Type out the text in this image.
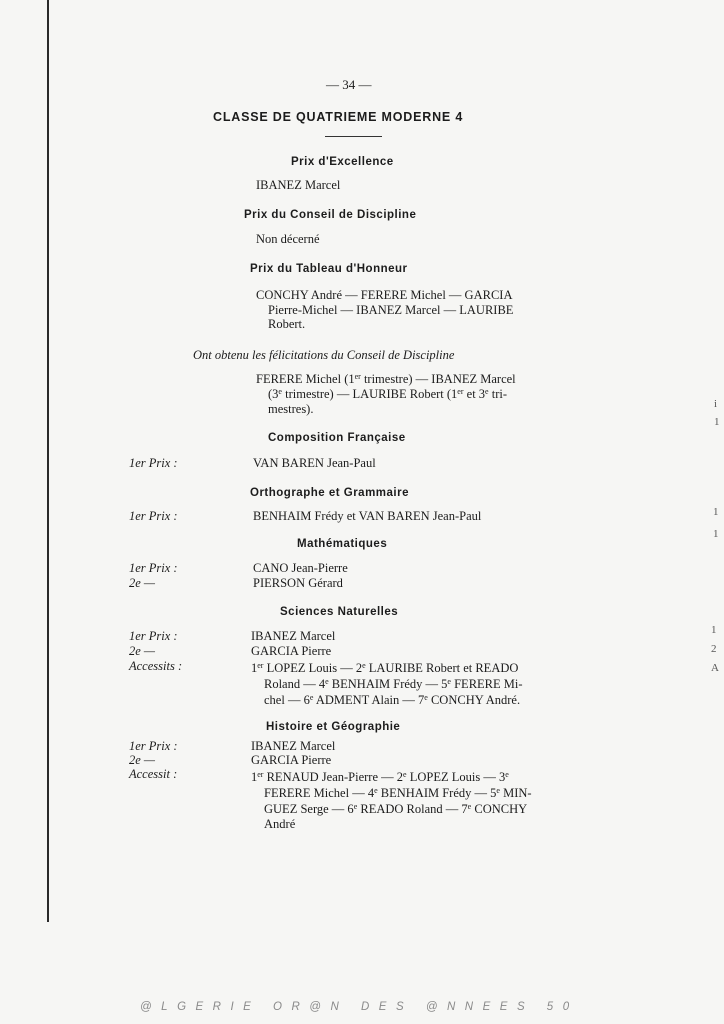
— 34 —
CLASSE DE QUATRIEME MODERNE 4
Prix d'Excellence
IBANEZ Marcel
Prix du Conseil de Discipline
Non décerné
Prix du Tableau d'Honneur
CONCHY André — FERERE Michel — GARCIA
Pierre-Michel — IBANEZ Marcel — LAURIBE
Robert.
Ont obtenu les félicitations du Conseil de Discipline
FERERE Michel (1er trimestre) — IBANEZ Marcel
(3e trimestre) — LAURIBE Robert (1er et 3e tri-
mestres).
Composition Française
1er Prix :	VAN BAREN Jean-Paul
Orthographe et Grammaire
1er Prix :	BENHAIM Frédy et VAN BAREN Jean-Paul
Mathématiques
1er Prix :	CANO Jean-Pierre
2e —	PIERSON Gérard
Sciences Naturelles
1er Prix :	IBANEZ Marcel
2e —	GARCIA Pierre
Accessits :	1er LOPEZ Louis — 2e LAURIBE Robert et READO
Roland — 4e BENHAIM Frédy — 5e FERERE Mi-
chel — 6e ADMENT Alain — 7e CONCHY André.
Histoire et Géographie
1er Prix :	IBANEZ Marcel
2e —	GARCIA Pierre
Accessit :	1er RENAUD Jean-Pierre — 2e LOPEZ Louis — 3e
FERERE Michel — 4e BENHAIM Frédy — 5e MIN-
GUEZ Serge — 6e READO Roland — 7e CONCHY
André
i
1
1
1
1
2
A
@LGERIE OR@N DES @NNEES 50
